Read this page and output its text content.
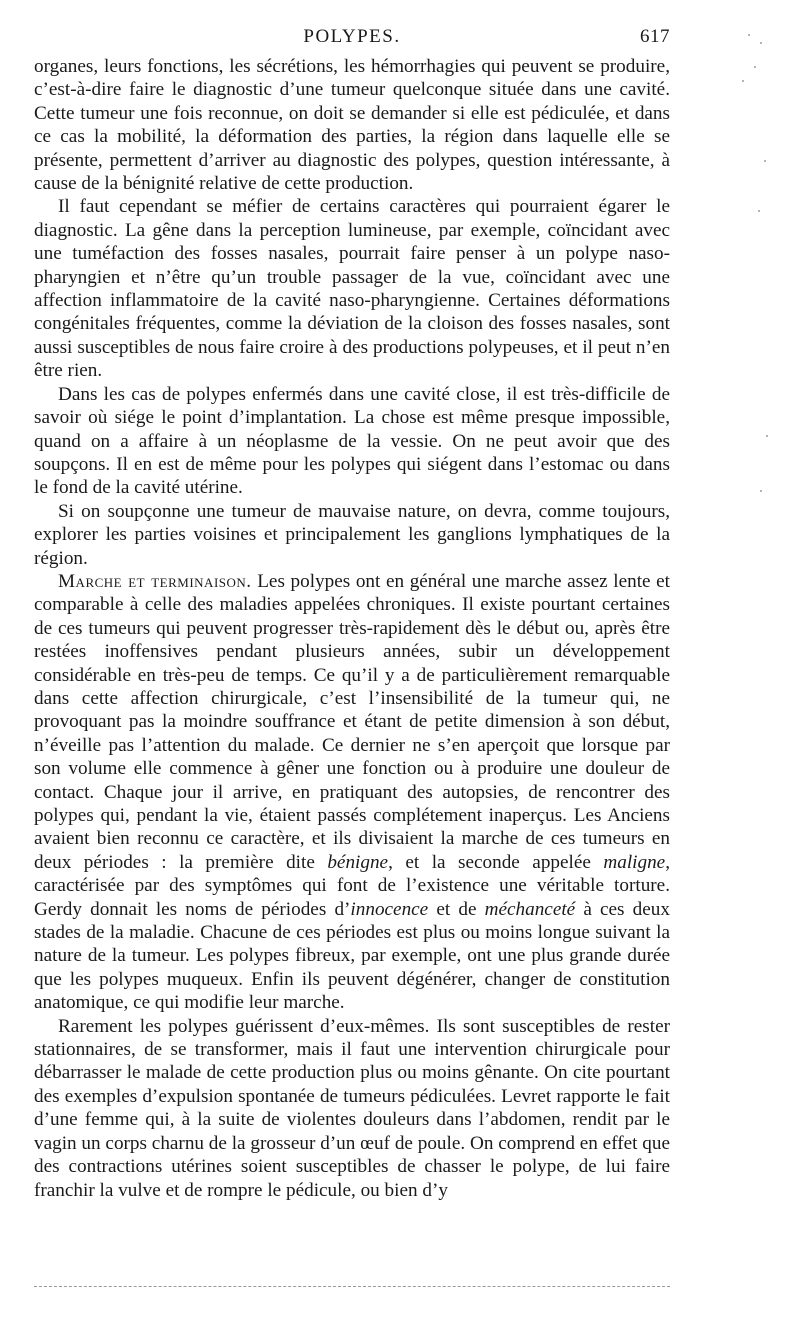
POLYPES.	617

organes, leurs fonctions, les sécrétions, les hémorrhagies qui peuvent se produire, c’est-à-dire faire le diagnostic d’une tumeur quelconque située dans une cavité. Cette tumeur une fois reconnue, on doit se demander si elle est pédiculée, et dans ce cas la mobilité, la déformation des parties, la région dans laquelle elle se présente, permettent d’arriver au diagnostic des polypes, question intéressante, à cause de la bénignité relative de cette production.

Il faut cependant se méfier de certains caractères qui pourraient égarer le diagnostic. La gêne dans la perception lumineuse, par exemple, coïncidant avec une tuméfaction des fosses nasales, pourrait faire penser à un polype naso-pharyngien et n’être qu’un trouble passager de la vue, coïncidant avec une affection inflammatoire de la cavité naso-pharyngienne. Certaines déformations congénitales fréquentes, comme la déviation de la cloison des fosses nasales, sont aussi susceptibles de nous faire croire à des productions polypeuses, et il peut n’en être rien.

Dans les cas de polypes enfermés dans une cavité close, il est très-difficile de savoir où siége le point d’implantation. La chose est même presque impossible, quand on a affaire à un néoplasme de la vessie. On ne peut avoir que des soupçons. Il en est de même pour les polypes qui siégent dans l’estomac ou dans le fond de la cavité utérine.

Si on soupçonne une tumeur de mauvaise nature, on devra, comme toujours, explorer les parties voisines et principalement les ganglions lymphatiques de la région.

Marche et terminaison. Les polypes ont en général une marche assez lente et comparable à celle des maladies appelées chroniques. Il existe pourtant certaines de ces tumeurs qui peuvent progresser très-rapidement dès le début ou, après être restées inoffensives pendant plusieurs années, subir un développement considérable en très-peu de temps. Ce qu’il y a de particulièrement remarquable dans cette affection chirurgicale, c’est l’insensibilité de la tumeur qui, ne provoquant pas la moindre souffrance et étant de petite dimension à son début, n’éveille pas l’attention du malade. Ce dernier ne s’en aperçoit que lorsque par son volume elle commence à gêner une fonction ou à produire une douleur de contact. Chaque jour il arrive, en pratiquant des autopsies, de rencontrer des polypes qui, pendant la vie, étaient passés complétement inaperçus. Les Anciens avaient bien reconnu ce caractère, et ils divisaient la marche de ces tumeurs en deux périodes : la première dite bénigne, et la seconde appelée maligne, caractérisée par des symptômes qui font de l’existence une véritable torture. Gerdy donnait les noms de périodes d’innocence et de méchanceté à ces deux stades de la maladie. Chacune de ces périodes est plus ou moins longue suivant la nature de la tumeur. Les polypes fibreux, par exemple, ont une plus grande durée que les polypes muqueux. Enfin ils peuvent dégénérer, changer de constitution anatomique, ce qui modifie leur marche.

Rarement les polypes guérissent d’eux-mêmes. Ils sont susceptibles de rester stationnaires, de se transformer, mais il faut une intervention chirurgicale pour débarrasser le malade de cette production plus ou moins gênante. On cite pourtant des exemples d’expulsion spontanée de tumeurs pédiculées. Levret rapporte le fait d’une femme qui, à la suite de violentes douleurs dans l’abdomen, rendit par le vagin un corps charnu de la grosseur d’un œuf de poule. On comprend en effet que des contractions utérines soient susceptibles de chasser le polype, de lui faire franchir la vulve et de rompre le pédicule, ou bien d’y
